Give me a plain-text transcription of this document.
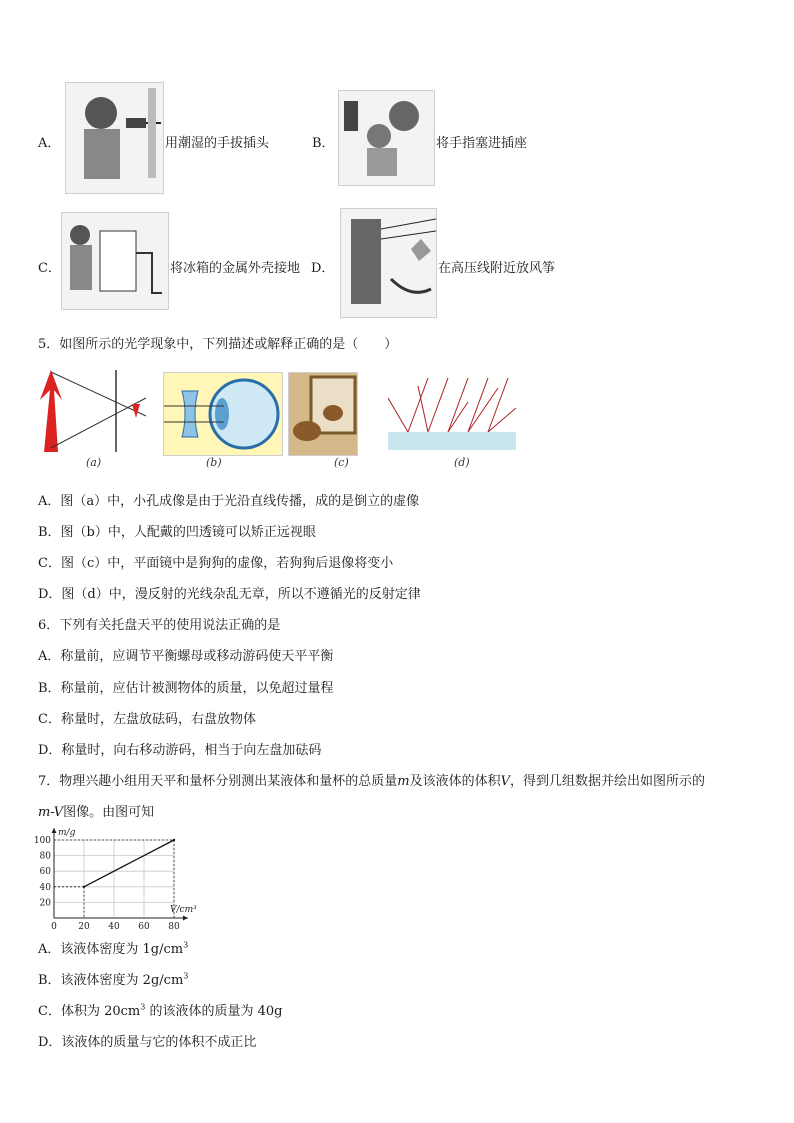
A．	用潮湿的手拔插头	B．	将手指塞进插座
C．	将冰箱的金属外壳接地 D．	在高压线附近放风筝
5．如图所示的光学现象中，下列描述或解释正确的是（　　）
(a)	(b)	(c)	(d)
A．图（a）中，小孔成像是由于光沿直线传播，成的是倒立的虚像
B．图（b）中，人配戴的凹透镜可以矫正远视眼
C．图（c）中，平面镜中是狗狗的虚像，若狗狗后退像将变小
D．图（d）中，漫反射的光线杂乱无章，所以不遵循光的反射定律
6．下列有关托盘天平的使用说法正确的是
A．称量前，应调节平衡螺母或移动游码使天平平衡
B．称量前，应估计被测物体的质量，以免超过量程
C．称量时，左盘放砝码，右盘放物体
D．称量时，向右移动游码，相当于向左盘加砝码
7．物理兴趣小组用天平和量杯分别测出某液体和量杯的总质量m及该液体的体积V，得到几组数据并绘出如图所示的
m-V图像。由图可知
0 20 40 60 80
20
40
60
80
100
m/g
V/cm³
A．该液体密度为 $1g/cm^3$
B．该液体密度为 $2g/cm^3$
C．体积为 $20cm^3$ 的该液体的质量为 40g
D．该液体的质量与它的体积不成正比
